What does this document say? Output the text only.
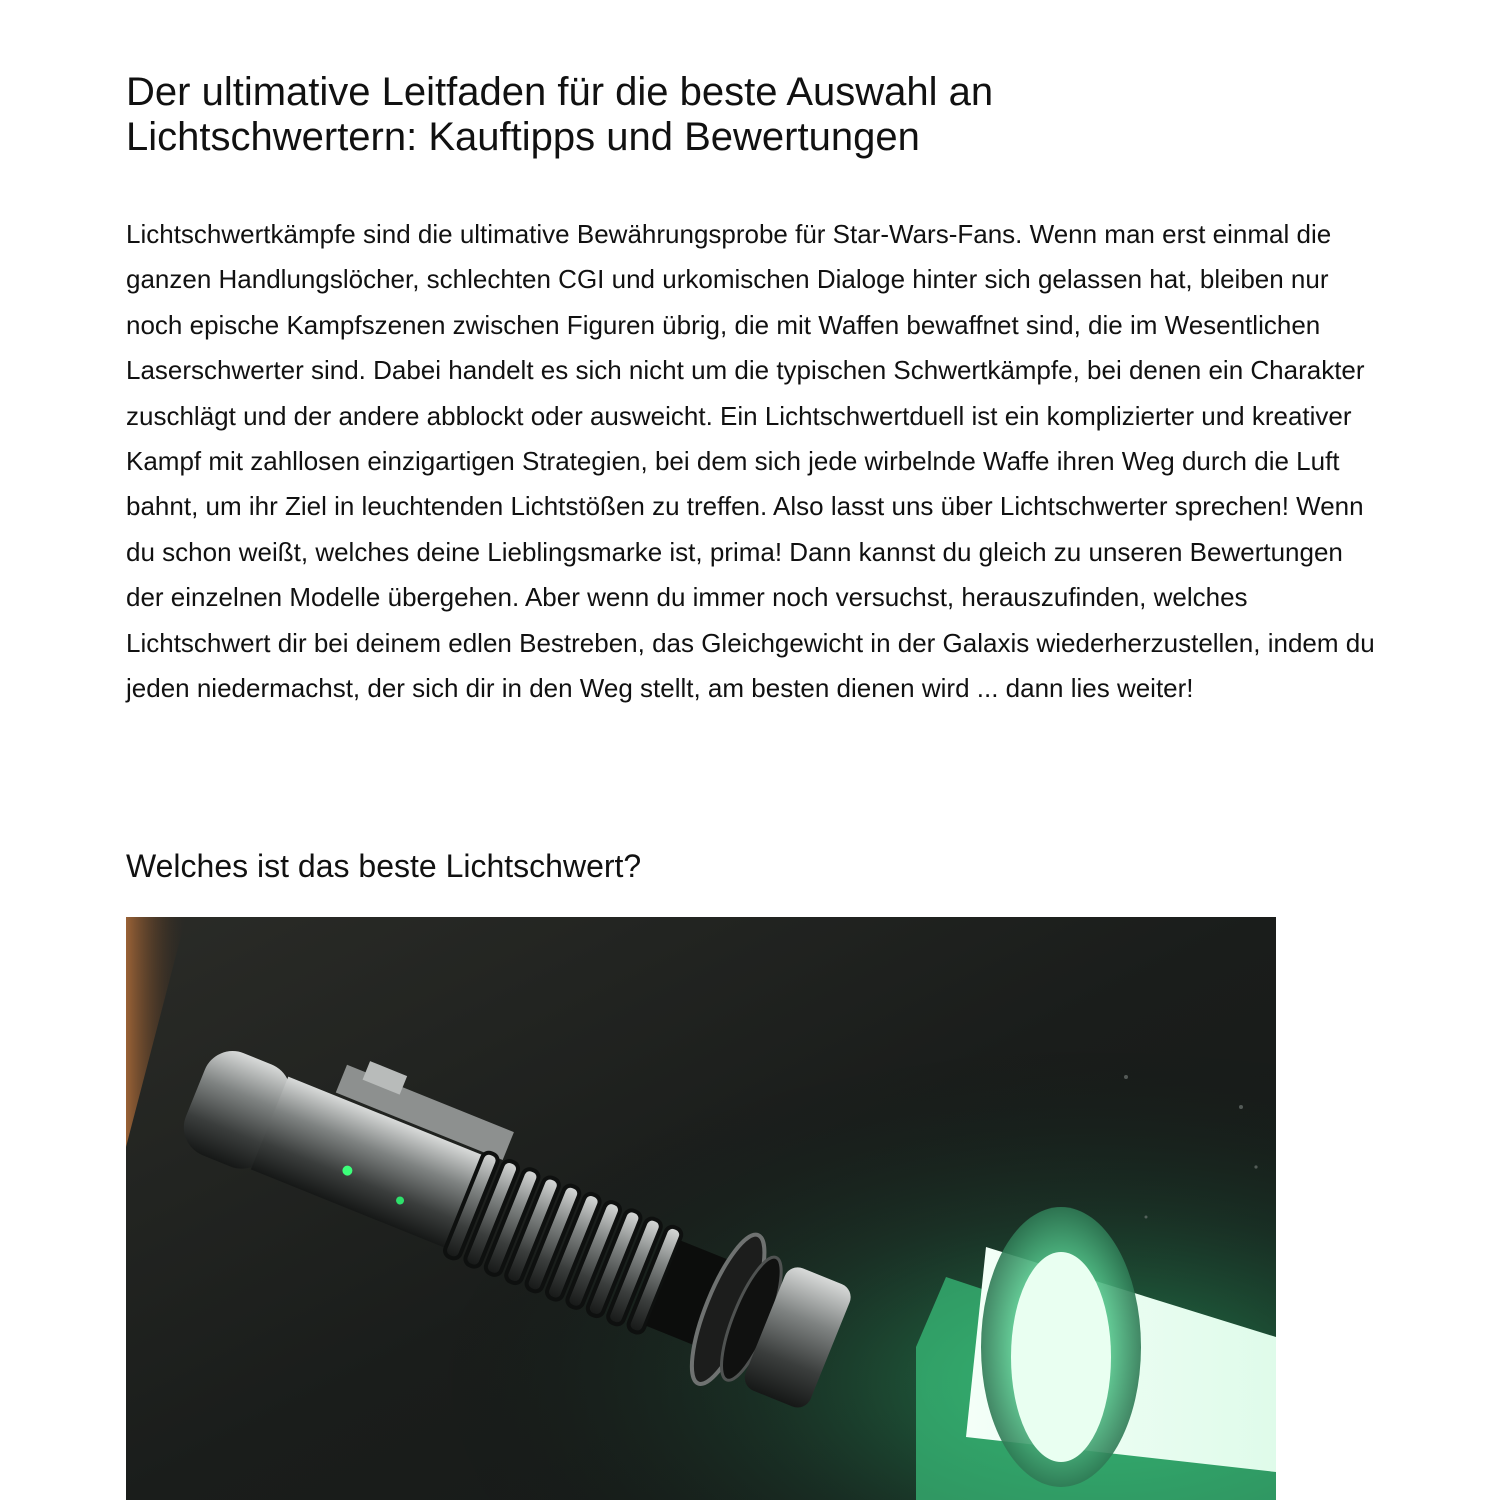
Der ultimative Leitfaden für die beste Auswahl an Lichtschwertern: Kauftipps und Bewertungen

Lichtschwertkämpfe sind die ultimative Bewährungsprobe für Star-Wars-Fans. Wenn man erst einmal die ganzen Handlungslöcher, schlechten CGI und urkomischen Dialoge hinter sich gelassen hat, bleiben nur noch epische Kampfszenen zwischen Figuren übrig, die mit Waffen bewaffnet sind, die im Wesentlichen Laserschwerter sind. Dabei handelt es sich nicht um die typischen Schwertkämpfe, bei denen ein Charakter zuschlägt und der andere abblockt oder ausweicht. Ein Lichtschwertduell ist ein komplizierter und kreativer Kampf mit zahllosen einzigartigen Strategien, bei dem sich jede wirbelnde Waffe ihren Weg durch die Luft bahnt, um ihr Ziel in leuchtenden Lichtstößen zu treffen. Also lasst uns über Lichtschwerter sprechen! Wenn du schon weißt, welches deine Lieblingsmarke ist, prima! Dann kannst du gleich zu unseren Bewertungen der einzelnen Modelle übergehen. Aber wenn du immer noch versuchst, herauszufinden, welches Lichtschwert dir bei deinem edlen Bestreben, das Gleichgewicht in der Galaxis wiederherzustellen, indem du jeden niedermachst, der sich dir in den Weg stellt, am besten dienen wird ... dann lies weiter!

Welches ist das beste Lichtschwert?
